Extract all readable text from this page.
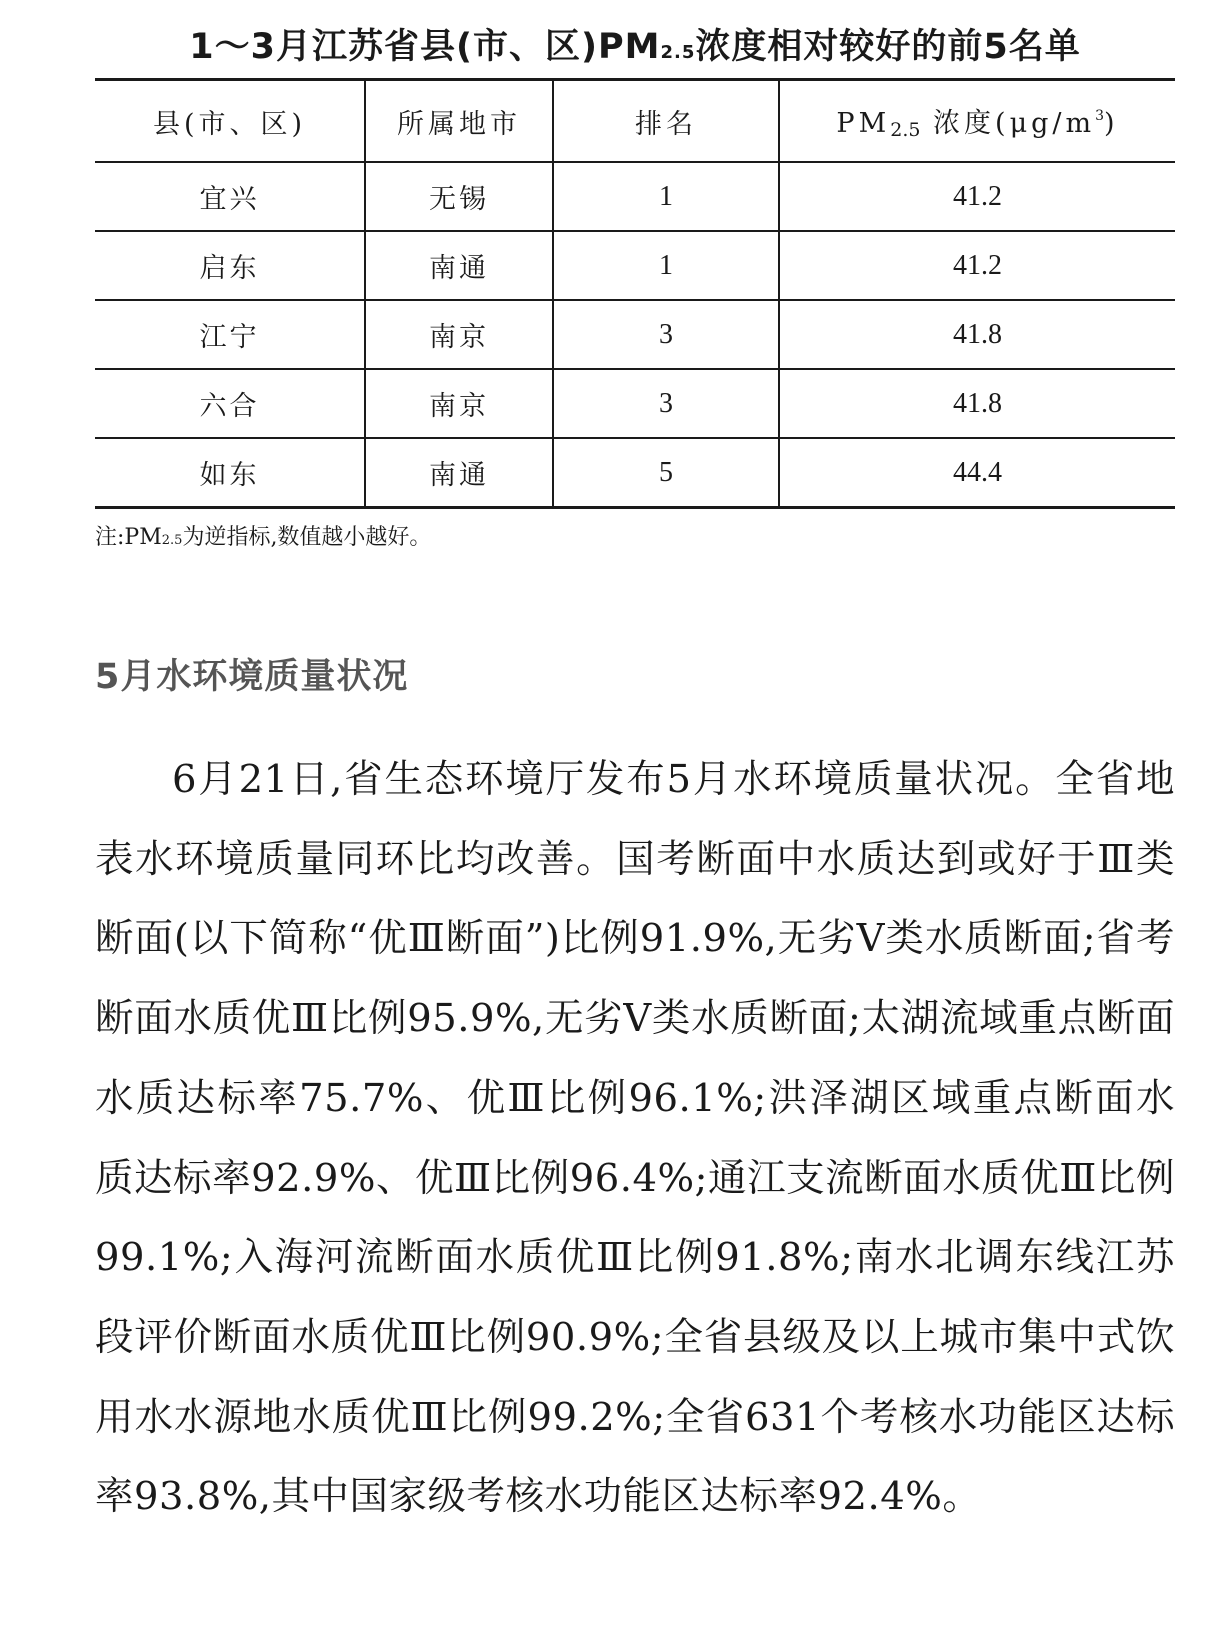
1～3月江苏省县(市、区)PM2.5浓度相对较好的前5名单
县(市、区)	所属地市	排名	PM2.5 浓度$(\mu g/m^3)$
宜兴	无锡	1	41.2
启东	南通	1	41.2
江宁	南京	3	41.8
六合	南京	3	41.8
如东	南通	5	44.4
注:PM2.5为逆指标,数值越小越好。
5月水环境质量状况

6月21日,省生态环境厅发布5月水环境质量状况。全省地表水环境质量同环比均改善。国考断面中水质达到或好于Ⅲ类断面(以下简称“优Ⅲ断面”)比例91.9%,无劣Ⅴ类水质断面;省考断面水质优Ⅲ比例95.9%,无劣Ⅴ类水质断面;太湖流域重点断面水质达标率75.7%、优Ⅲ比例96.1%;洪泽湖区域重点断面水质达标率92.9%、优Ⅲ比例96.4%;通江支流断面水质优Ⅲ比例99.1%;入海河流断面水质优Ⅲ比例91.8%;南水北调东线江苏段评价断面水质优Ⅲ比例90.9%;全省县级及以上城市集中式饮用水水源地水质优Ⅲ比例99.2%;全省631个考核水功能区达标率93.8%,其中国家级考核水功能区达标率92.4%。
